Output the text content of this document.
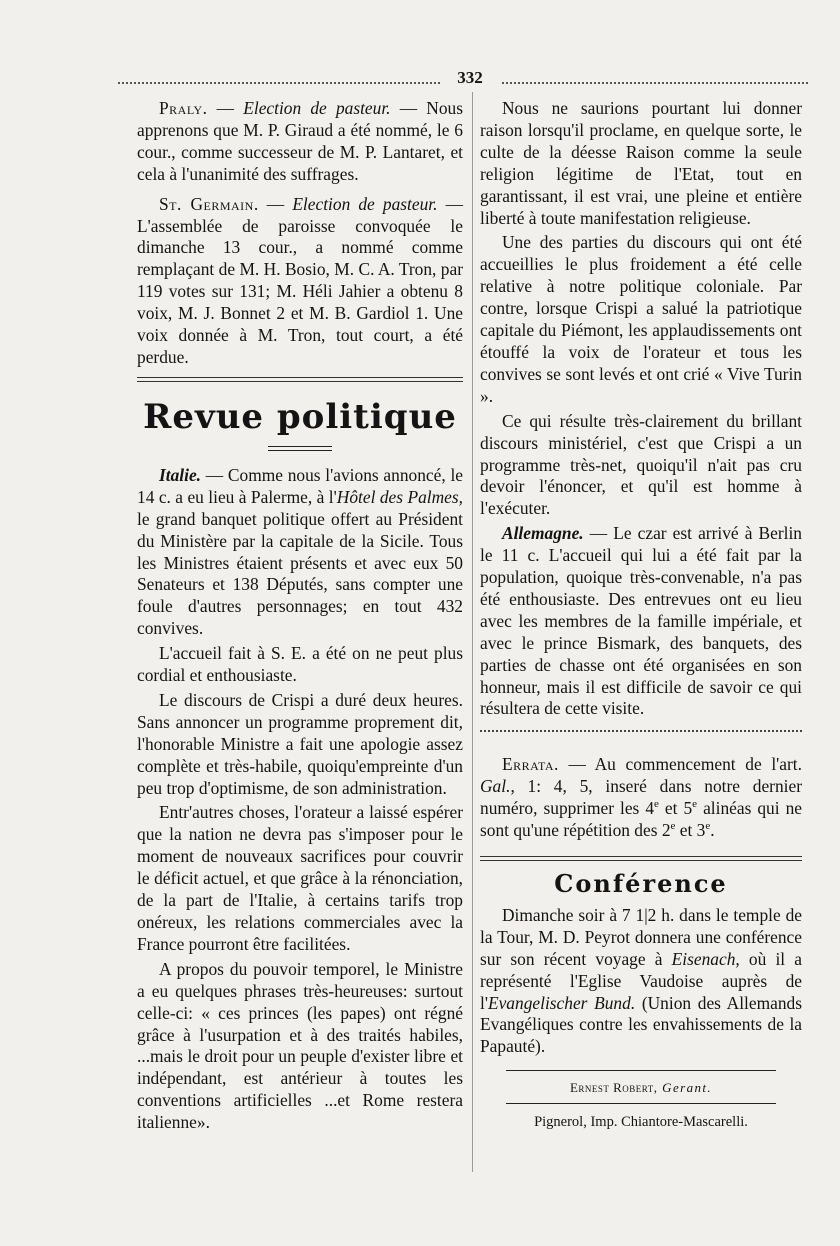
332

Praly. — Election de pasteur. — Nous apprenons que M. P. Giraud a été nommé, le 6 cour., comme successeur de M. P. Lantaret, et cela à l'unanimité des suffrages.

St. Germain. — Election de pasteur. — L'assemblée de paroisse convoquée le dimanche 13 cour., a nommé comme remplaçant de M. H. Bosio, M. C. A. Tron, par 119 votes sur 131; M. Héli Jahier a obtenu 8 voix, M. J. Bonnet 2 et M. B. Gardiol 1. Une voix donnée à M. Tron, tout court, a été perdue.

Revue politique

Italie. — Comme nous l'avions annoncé, le 14 c. a eu lieu à Palerme, à l'Hôtel des Palmes, le grand banquet politique offert au Président du Ministère par la capitale de la Sicile. Tous les Ministres étaient présents et avec eux 50 Senateurs et 138 Députés, sans compter une foule d'autres personnages; en tout 432 convives.

L'accueil fait à S. E. a été on ne peut plus cordial et enthousiaste.

Le discours de Crispi a duré deux heures. Sans annoncer un programme proprement dit, l'honorable Ministre a fait une apologie assez complète et très-habile, quoiqu'empreinte d'un peu trop d'optimisme, de son administration.

Entr'autres choses, l'orateur a laissé espérer que la nation ne devra pas s'imposer pour le moment de nouveaux sacrifices pour couvrir le déficit actuel, et que grâce à la rénonciation, de la part de l'Italie, à certains tarifs trop onéreux, les relations commerciales avec la France pourront être facilitées.

A propos du pouvoir temporel, le Ministre a eu quelques phrases très-heureuses: surtout celle-ci: « ces princes (les papes) ont régné grâce à l'usurpation et à des traités habiles, ...mais le droit pour un peuple d'exister libre et indépendant, est antérieur à toutes les conventions artificielles ...et Rome restera italienne».

Nous ne saurions pourtant lui donner raison lorsqu'il proclame, en quelque sorte, le culte de la déesse Raison comme la seule religion légitime de l'Etat, tout en garantissant, il est vrai, une pleine et entière liberté à toute manifestation religieuse.

Une des parties du discours qui ont été accueillies le plus froidement a été celle relative à notre politique coloniale. Par contre, lorsque Crispi a salué la patriotique capitale du Piémont, les applaudissements ont étouffé la voix de l'orateur et tous les convives se sont levés et ont crié « Vive Turin ».

Ce qui résulte très-clairement du brillant discours ministériel, c'est que Crispi a un programme très-net, quoiqu'il n'ait pas cru devoir l'énoncer, et qu'il est homme à l'exécuter.

Allemagne. — Le czar est arrivé à Berlin le 11 c. L'accueil qui lui a été fait par la population, quoique très-convenable, n'a pas été enthousiaste. Des entrevues ont eu lieu avec les membres de la famille impériale, et avec le prince Bismark, des banquets, des parties de chasse ont été organisées en son honneur, mais il est difficile de savoir ce qui résultera de cette visite.

Errata. — Au commencement de l'art. Gal., 1: 4, 5, inseré dans notre dernier numéro, supprimer les 4e et 5e alinéas qui ne sont qu'une répétition des 2e et 3e.

Conférence

Dimanche soir à 7 1|2 h. dans le temple de la Tour, M. D. Peyrot donnera une conférence sur son récent voyage à Eisenach, où il a représenté l'Eglise Vaudoise auprès de l'Evangelischer Bund. (Union des Allemands Evangéliques contre les envahissements de la Papauté).

Ernest Robert, Gerant.
Pignerol, Imp. Chiantore-Mascarelli.
